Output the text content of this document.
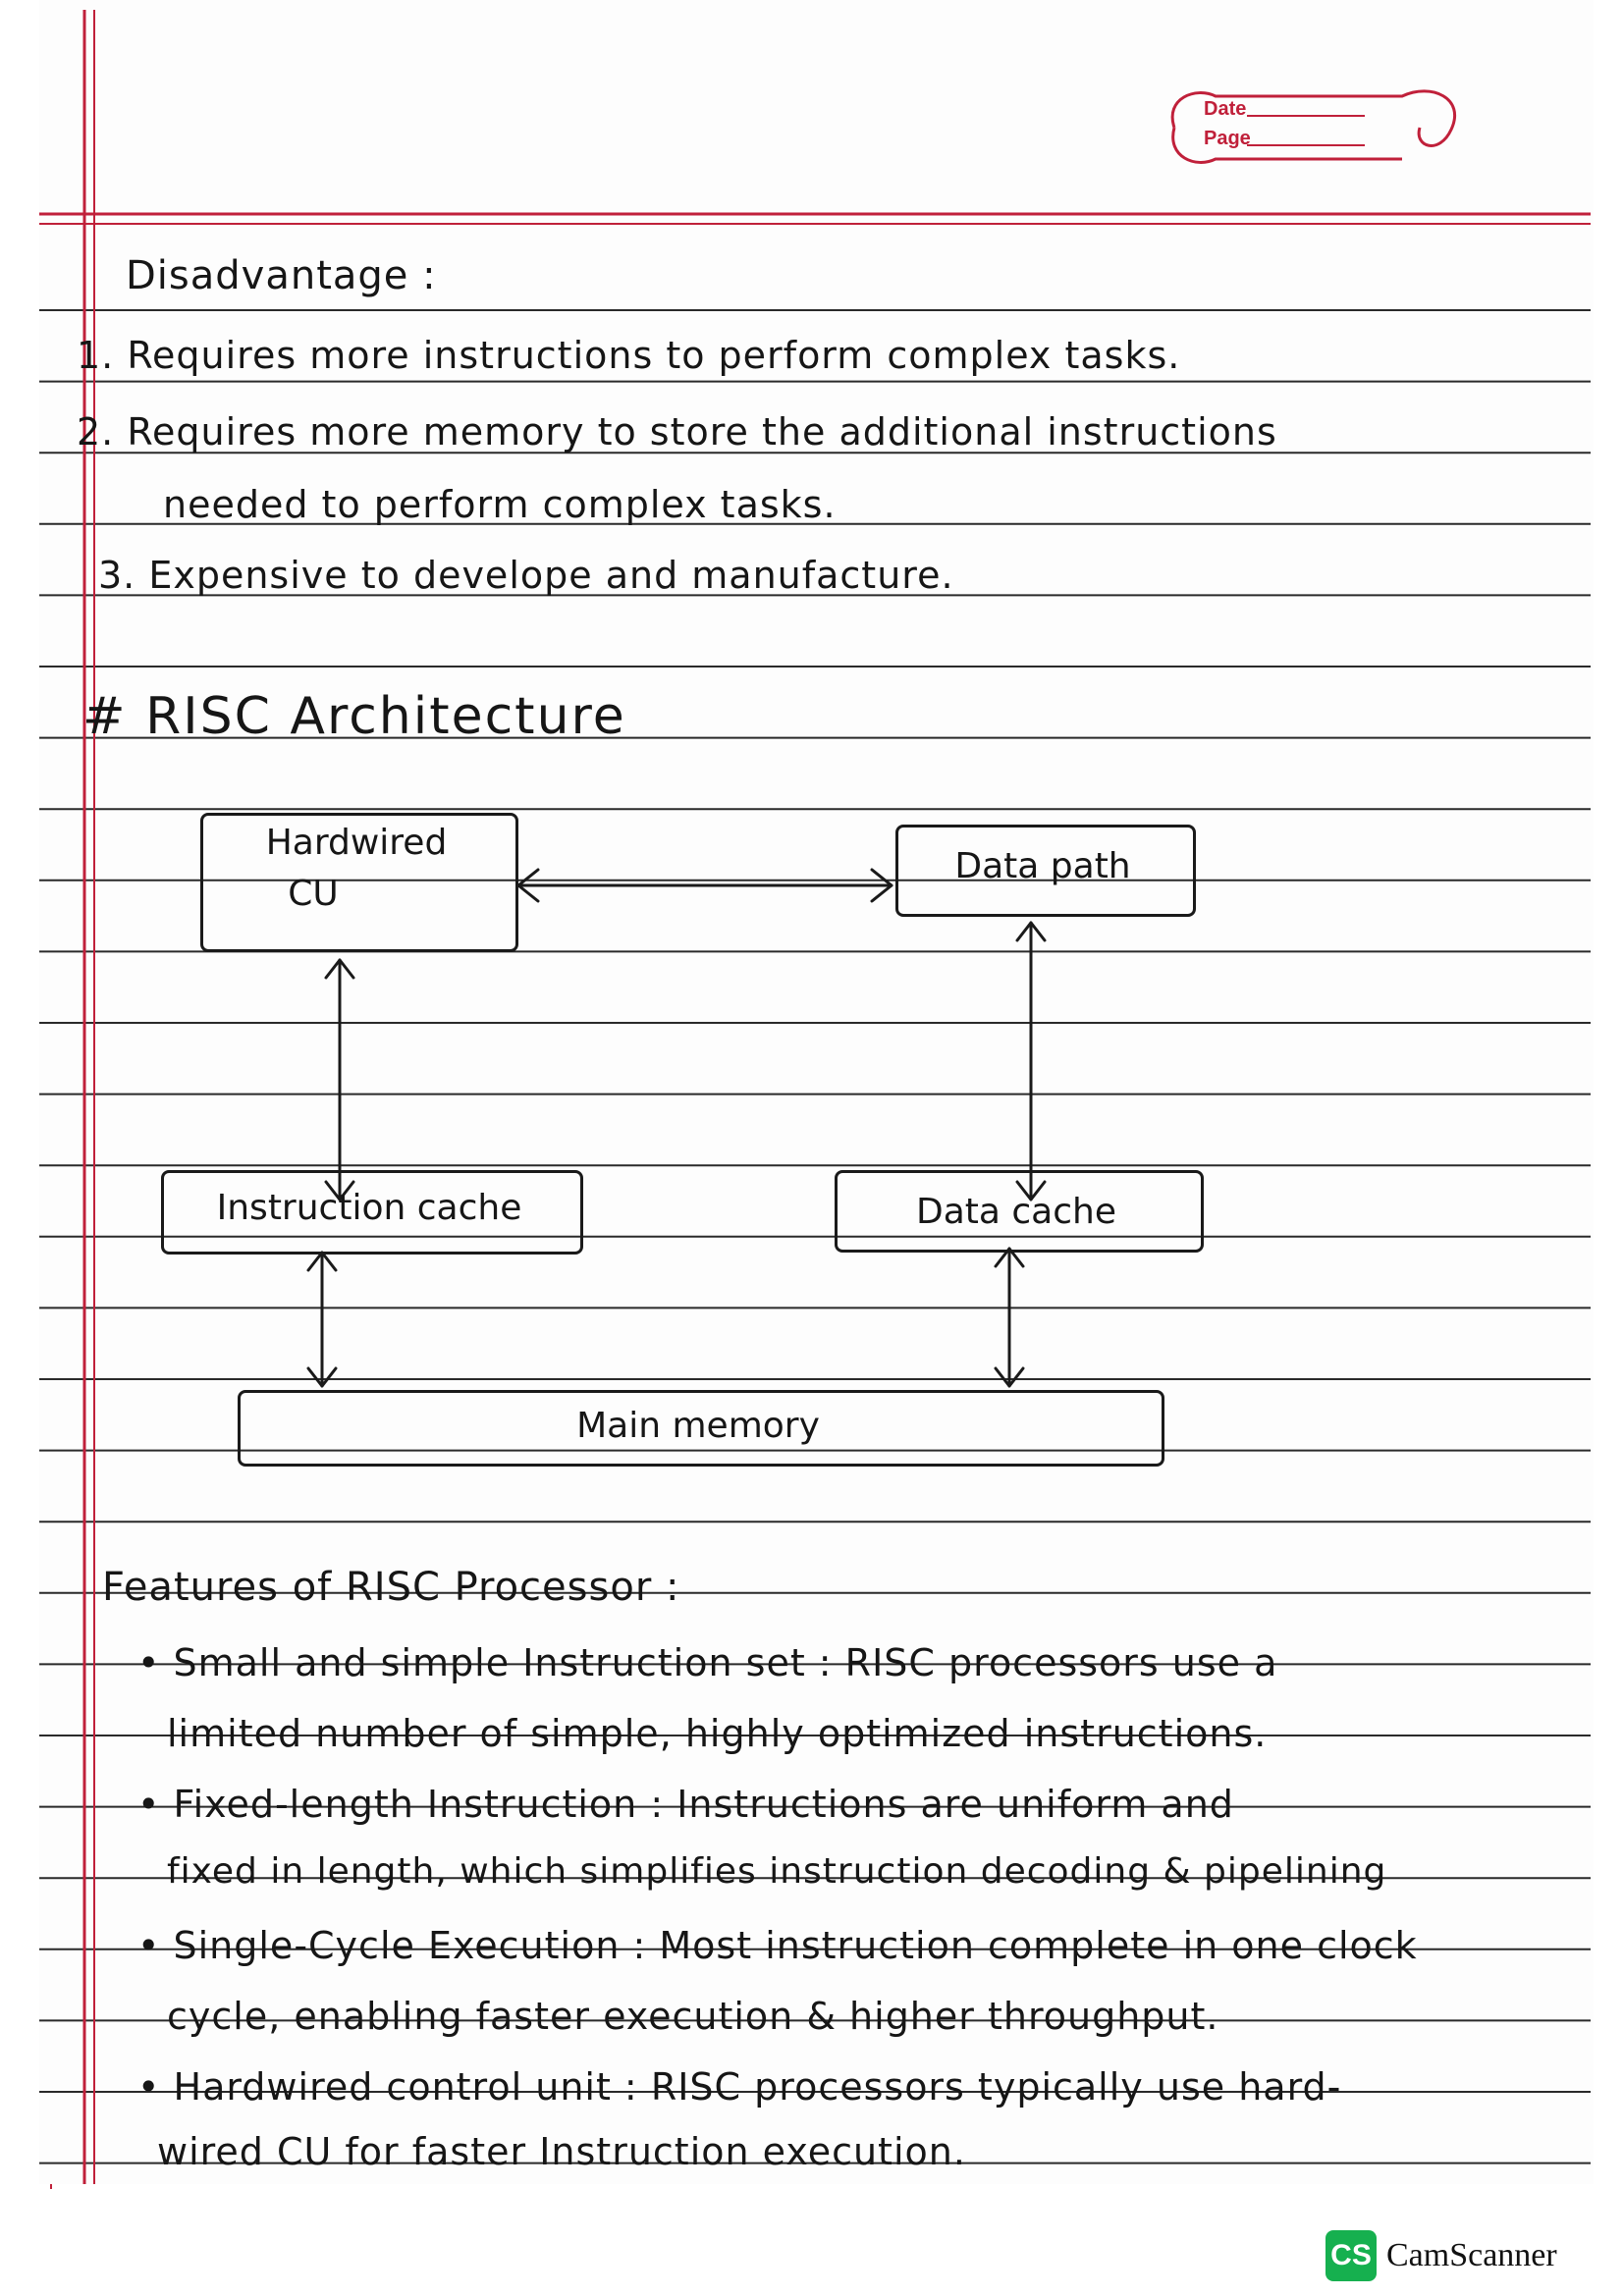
Date
Page
Disadvantage :
1. Requires more instructions to perform complex tasks.
2. Requires more memory to store the additional instructions
needed to perform complex tasks.
3. Expensive to develope and manufacture.
# RISC Architecture
Hardwired
CU
Data path
Instruction cache	Data cache
Main memory
Features of RISC Processor :
• Small and simple Instruction set : RISC processors use a
limited number of simple, highly optimized instructions.
• Fixed-length Instruction : Instructions are uniform and
fixed in length, which simplifies instruction decoding & pipelining
• Single-Cycle Execution : Most instruction complete in one clock
cycle, enabling faster execution & higher throughput.
• Hardwired control unit : RISC processors typically use hard-
wired CU for faster Instruction execution.
CS CamScanner
